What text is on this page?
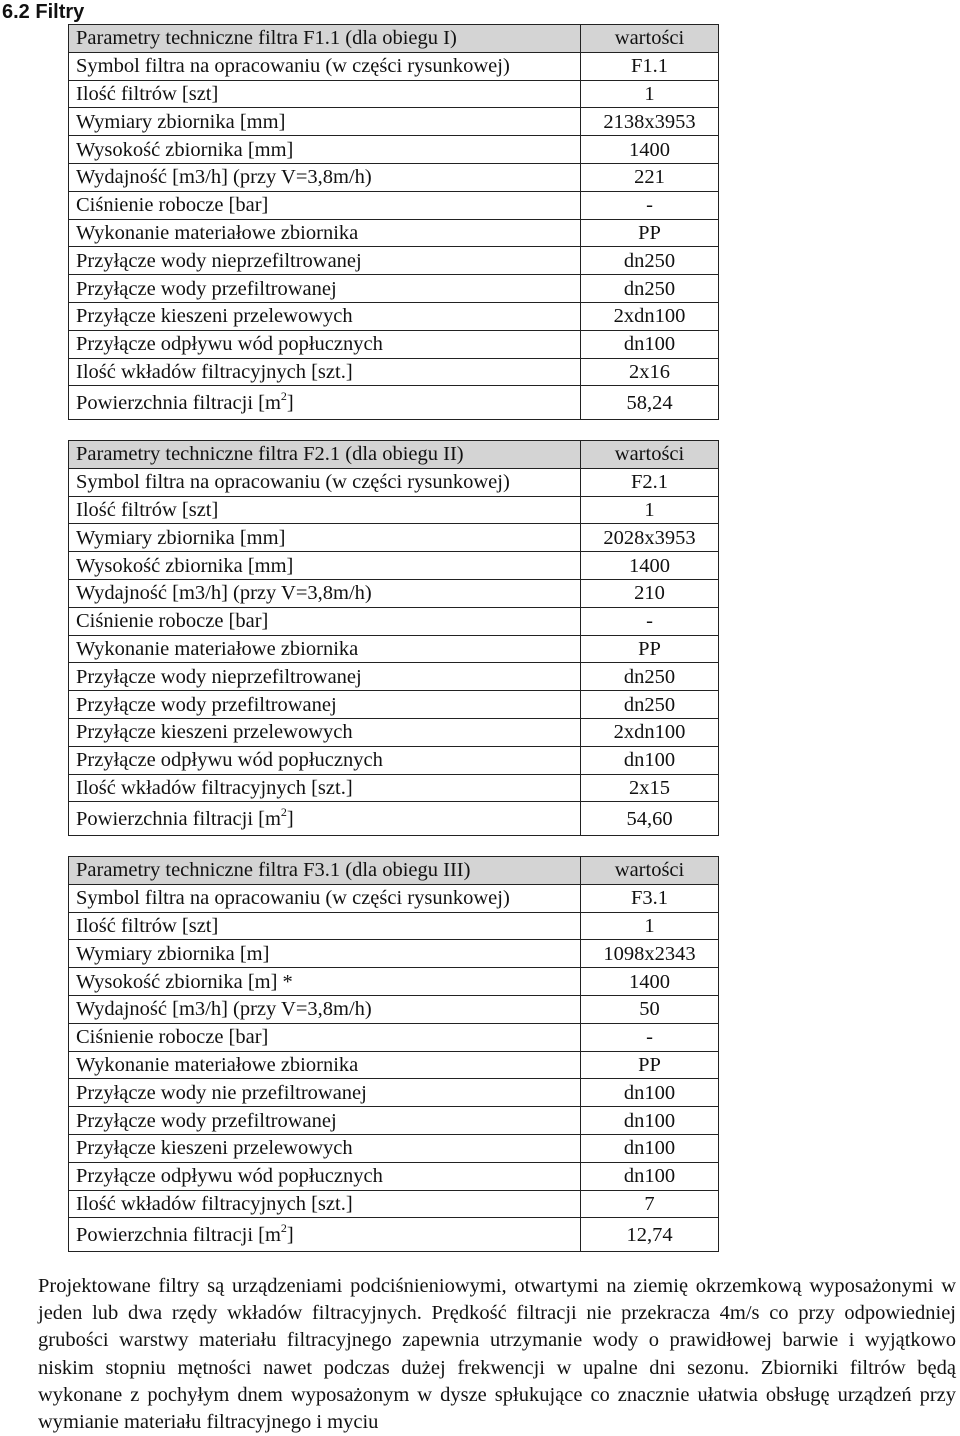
6.2 Filtry
Parametry techniczne filtra F1.1 (dla obiegu I)	wartości
Symbol filtra na opracowaniu (w części rysunkowej)	F1.1
Ilość filtrów [szt]	1
Wymiary zbiornika [mm]	2138x3953
Wysokość zbiornika [mm]	1400
Wydajność [m3/h] (przy V=3,8m/h)	221
Ciśnienie robocze [bar]	-
Wykonanie materiałowe zbiornika	PP
Przyłącze wody nieprzefiltrowanej	dn250
Przyłącze wody przefiltrowanej	dn250
Przyłącze kieszeni przelewowych	2xdn100
Przyłącze odpływu wód popłucznych	dn100
Ilość wkładów filtracyjnych [szt.]	2x16
Powierzchnia filtracji $[m^2]$	58,24
Parametry techniczne filtra F2.1 (dla obiegu II)	wartości
Symbol filtra na opracowaniu (w części rysunkowej)	F2.1
Ilość filtrów [szt]	1
Wymiary zbiornika [mm]	2028x3953
Wysokość zbiornika [mm]	1400
Wydajność [m3/h] (przy V=3,8m/h)	210
Ciśnienie robocze [bar]	-
Wykonanie materiałowe zbiornika	PP
Przyłącze wody nieprzefiltrowanej	dn250
Przyłącze wody przefiltrowanej	dn250
Przyłącze kieszeni przelewowych	2xdn100
Przyłącze odpływu wód popłucznych	dn100
Ilość wkładów filtracyjnych [szt.]	2x15
Powierzchnia filtracji $[m^2]$	54,60
Parametry techniczne filtra F3.1 (dla obiegu III)	wartości
Symbol filtra na opracowaniu (w części rysunkowej)	F3.1
Ilość filtrów [szt]	1
Wymiary zbiornika [m]	1098x2343
Wysokość zbiornika [m] *	1400
Wydajność [m3/h] (przy V=3,8m/h)	50
Ciśnienie robocze [bar]	-
Wykonanie materiałowe zbiornika	PP
Przyłącze wody nie przefiltrowanej	dn100
Przyłącze wody przefiltrowanej	dn100
Przyłącze kieszeni przelewowych	dn100
Przyłącze odpływu wód popłucznych	dn100
Ilość wkładów filtracyjnych [szt.]	7
Powierzchnia filtracji $[m^2]$	12,74

Projektowane filtry są urządzeniami podciśnieniowymi, otwartymi na ziemię okrzemkową wyposażonymi w jeden lub dwa rzędy wkładów filtracyjnych. Prędkość filtracji nie przekracza 4m/s co przy odpowiedniej grubości warstwy materiału filtracyjnego zapewnia utrzymanie wody o prawidłowej barwie i wyjątkowo niskim stopniu mętności nawet podczas dużej frekwencji w upalne dni sezonu. Zbiorniki filtrów będą wykonane z pochyłym dnem wyposażonym w dysze spłukujące co znacznie ułatwia obsługę urządzeń przy wymianie materiału filtracyjnego i myciu
